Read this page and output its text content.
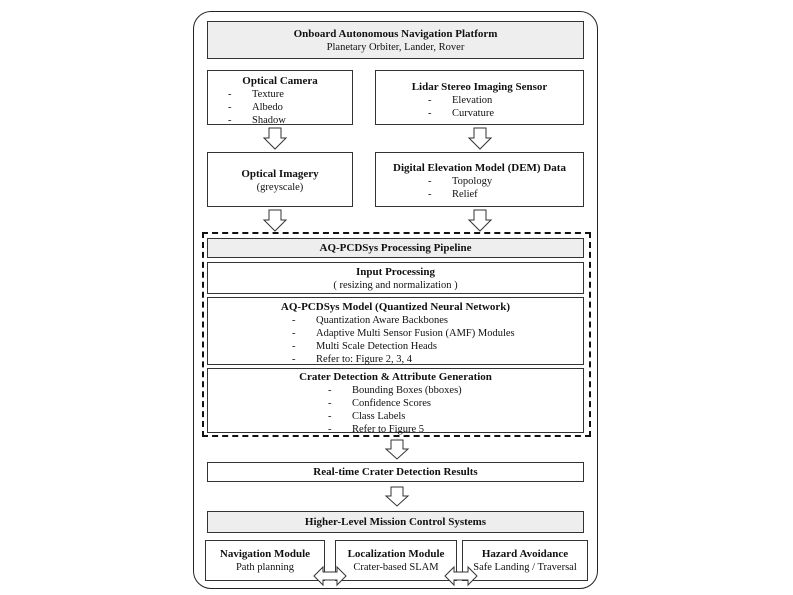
Onboard Autonomous Navigation Platform
Planetary Orbiter, Lander, Rover
Optical Camera
- Texture
- Albedo
- Shadow
Lidar Stereo Imaging Sensor
- Elevation
- Curvature
Optical Imagery
(greyscale)
Digital Elevation Model (DEM) Data
- Topology
- Relief
AQ-PCDSys Processing Pipeline
Input Processing
( resizing and normalization )
AQ-PCDSys Model (Quantized Neural Network)
- Quantization Aware Backbones
- Adaptive Multi Sensor Fusion (AMF) Modules
- Multi Scale Detection Heads
- Refer to: Figure 2, 3, 4
Crater Detection & Attribute Generation
- Bounding Boxes (bboxes)
- Confidence Scores
- Class Labels
- Refer to Figure 5
Real-time Crater Detection Results
Higher-Level Mission Control Systems
Navigation Module
Path planning
Localization Module
Crater-based SLAM
Hazard Avoidance
Safe Landing / Traversal
